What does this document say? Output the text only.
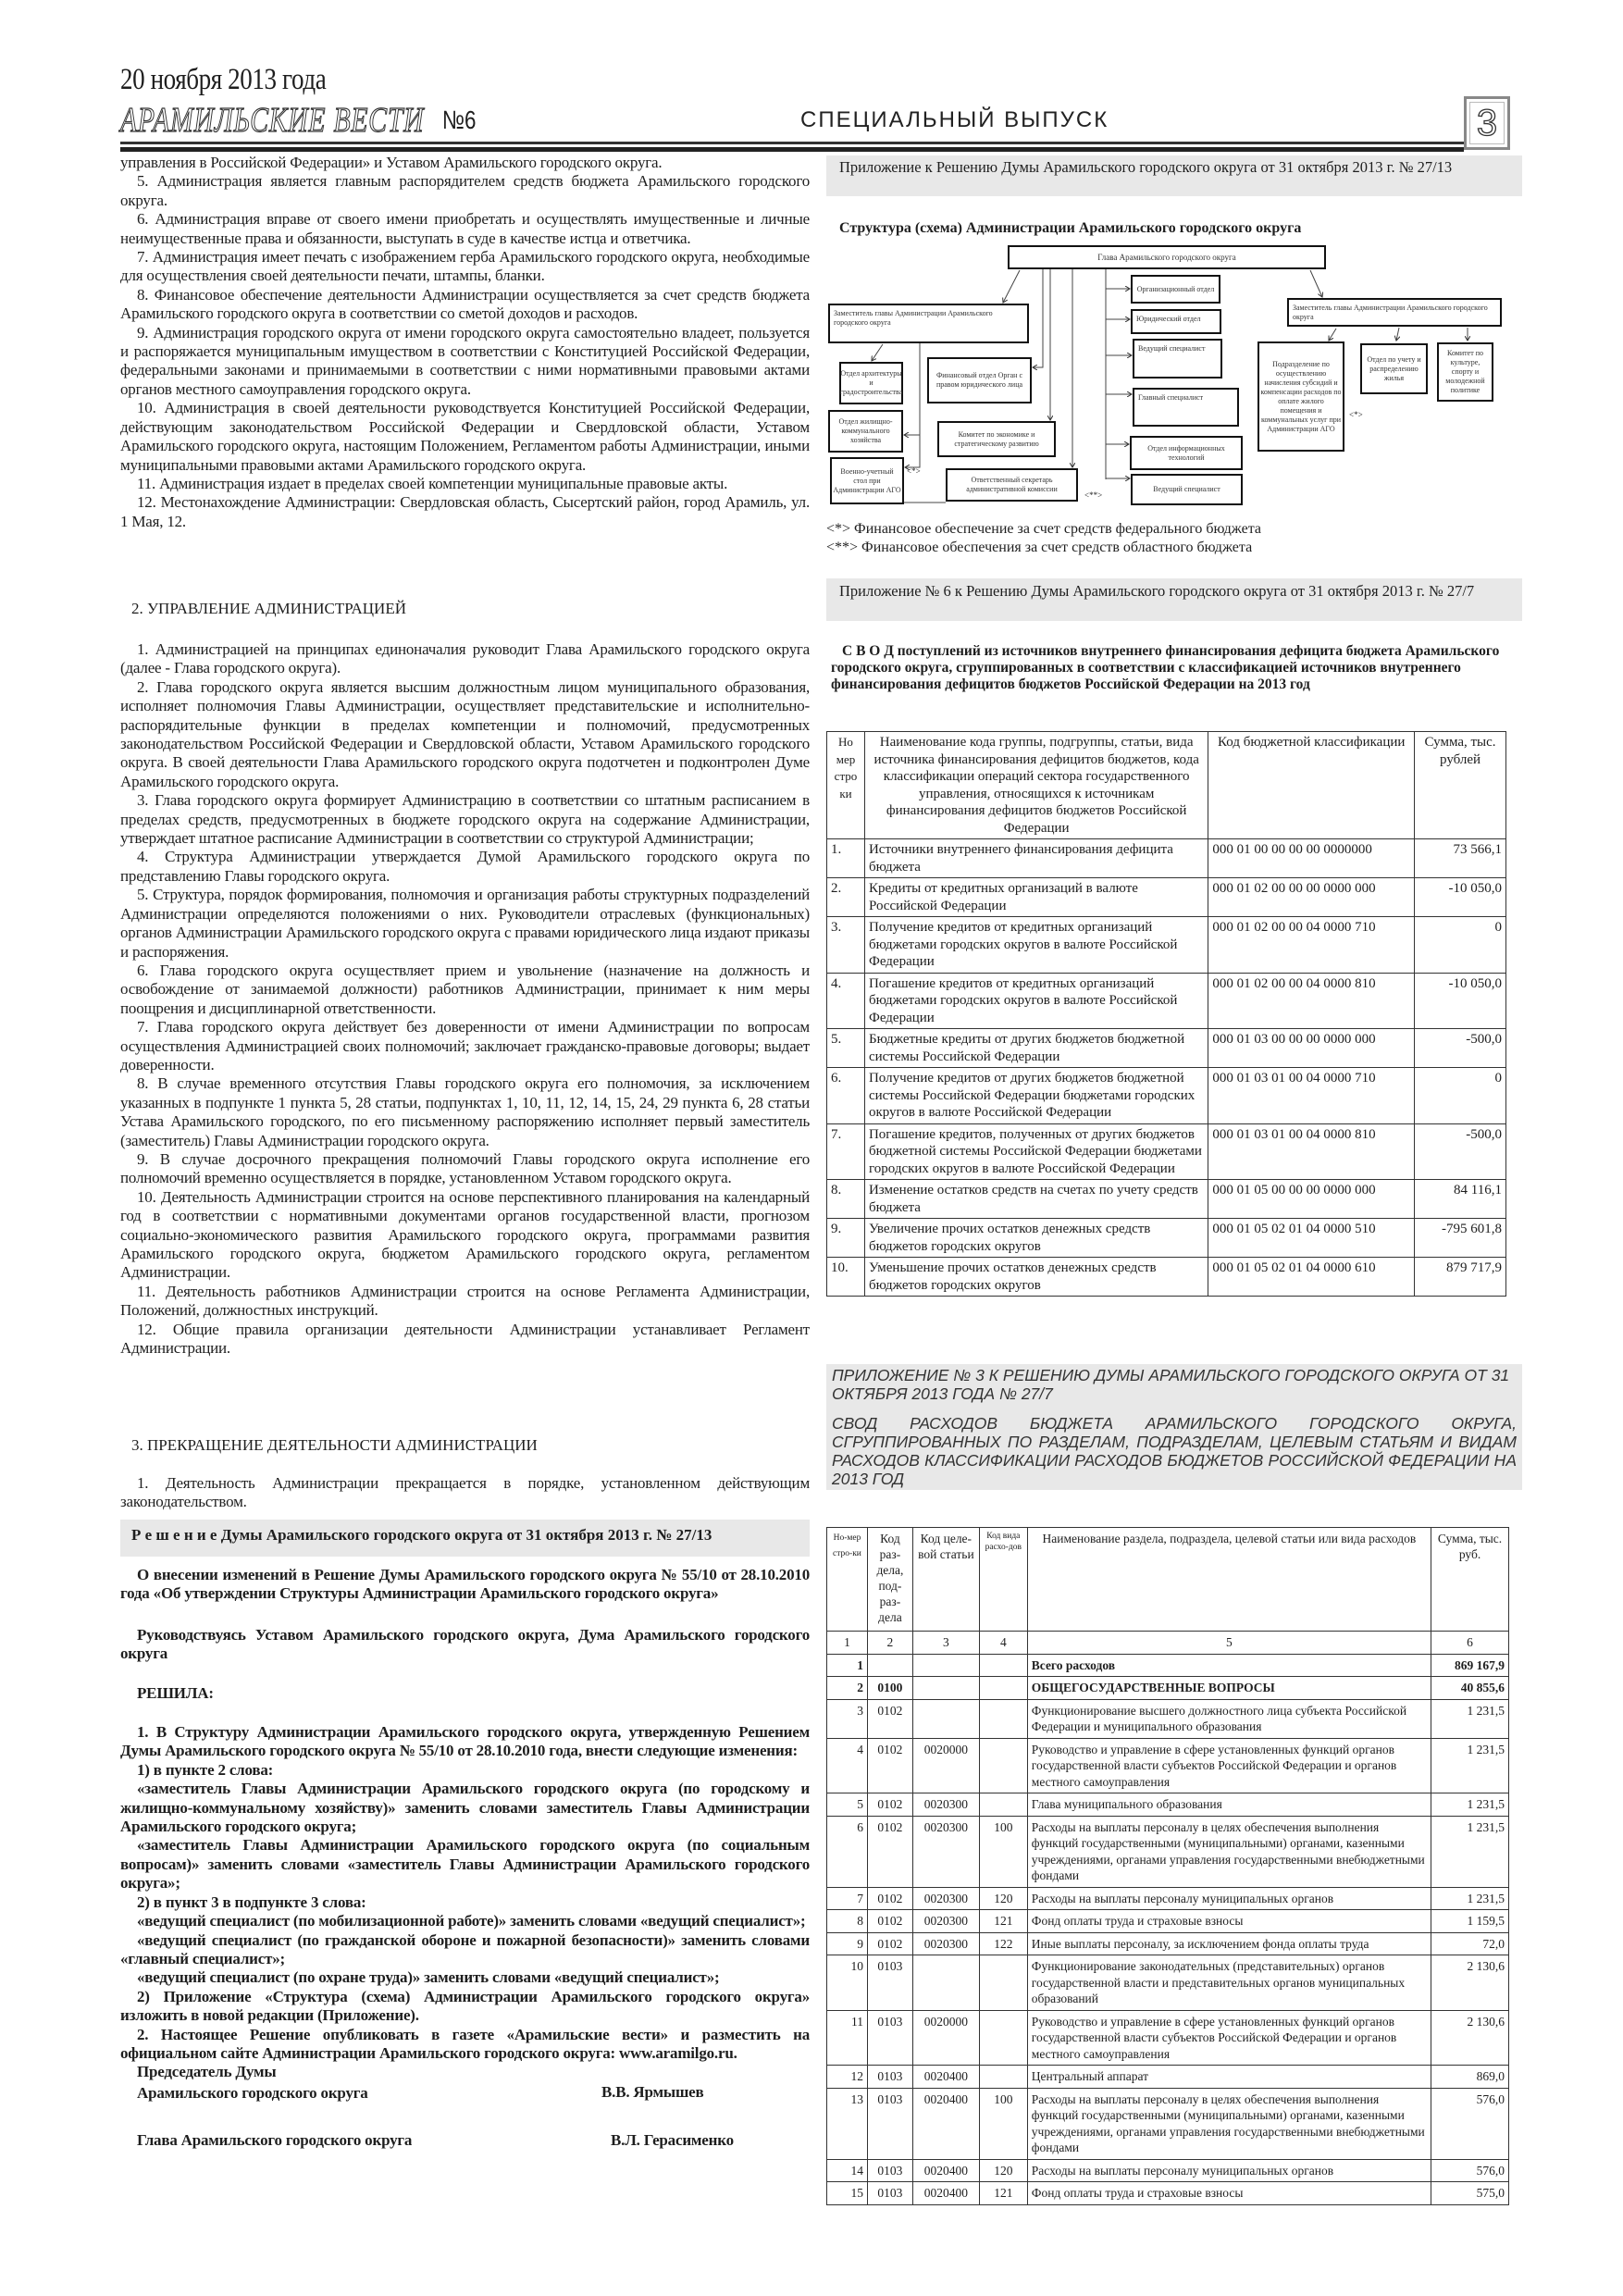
20 ноября 2013 года
АРАМИЛЬСКИЕ ВЕСТИ №6	СПЕЦИАЛЬНЫЙ ВЫПУСК	3

управления в Российской Федерации» и Уставом Арамильского городского округа.

5. Администрация является главным распорядителем средств бюджета Арамильского городского округа.

6. Администрация вправе от своего имени приобретать и осуществлять имущественные и личные неимущественные права и обязанности, выступать в суде в качестве истца и ответчика.

7. Администрация имеет печать с изображением герба Арамильского городского округа, необходимые для осуществления своей деятельности печати, штампы, бланки.

8. Финансовое обеспечение деятельности Администрации осуществляется за счет средств бюджета Арамильского городского округа в соответствии со сметой доходов и расходов.

9. Администрация городского округа от имени городского округа самостоятельно владеет, пользуется и распоряжается муниципальным имуществом в соответствии с Конституцией Российской Федерации, федеральными законами и принимаемыми в соответствии с ними нормативными правовыми актами органов местного самоуправления городского округа.

10. Администрация в своей деятельности руководствуется Конституцией Российской Федерации, действующим законодательством Российской Федерации и Свердловской области, Уставом Арамильского городского округа, настоящим Положением, Регламентом работы Администрации, иными муниципальными правовыми актами Арамильского городского округа.

11. Администрация издает в пределах своей компетенции муниципальные правовые акты.

12. Местонахождение Администрации: Свердловская область, Сысертский район, город Арамиль, ул. 1 Мая, 12.

2. УПРАВЛЕНИЕ АДМИНИСТРАЦИЕЙ

1. Администрацией на принципах единоначалия руководит Глава Арамильского городского округа (далее - Глава городского округа).

2. Глава городского округа является высшим должностным лицом муниципального образования, исполняет полномочия Главы Администрации, осуществляет представительские и исполнительно-распорядительные функции в пределах компетенции и полномочий, предусмотренных законодательством Российской Федерации и Свердловской области, Уставом Арамильского городского округа. В своей деятельности Глава Арамильского городского округа подотчетен и подконтролен Думе Арамильского городского округа.

3. Глава городского округа формирует Администрацию в соответствии со штатным расписанием в пределах средств, предусмотренных в бюджете городского округа на содержание Администрации, утверждает штатное расписание Администрации в соответствии со структурой Администрации;

4. Структура Администрации утверждается Думой Арамильского городского округа по представлению Главы городского округа.

5. Структура, порядок формирования, полномочия и организация работы структурных подразделений Администрации определяются положениями о них. Руководители отраслевых (функциональных) органов Администрации Арамильского городского округа с правами юридического лица издают приказы и распоряжения.

6. Глава городского округа осуществляет прием и увольнение (назначение на должность и освобождение от занимаемой должности) работников Администрации, принимает к ним меры поощрения и дисциплинарной ответственности.

7. Глава городского округа действует без доверенности от имени Администрации по вопросам осуществления Администрацией своих полномочий; заключает гражданско-правовые договоры; выдает доверенности.

8. В случае временного отсутствия Главы городского округа его полномочия, за исключением указанных в подпункте 1 пункта 5, 28 статьи, подпунктах 1, 10, 11, 12, 14, 15, 24, 29 пункта 6, 28 статьи Устава Арамильского городского, по его письменному распоряжению исполняет первый заместитель (заместитель) Главы Администрации городского округа.

9. В случае досрочного прекращения полномочий Главы городского округа исполнение его полномочий временно осуществляется в порядке, установленном Уставом городского округа.

10. Деятельность Администрации строится на основе перспективного планирования на календарный год в соответствии с нормативными документами органов государственной власти, прогнозом социально-экономического развития Арамильского городского округа, программами развития Арамильского городского округа, бюджетом Арамильского городского округа, регламентом Администрации.

11. Деятельность работников Администрации строится на основе Регламента Администрации, Положений, должностных инструкций.

12. Общие правила организации деятельности Администрации устанавливает Регламент Администрации.

3. ПРЕКРАЩЕНИЕ ДЕЯТЕЛЬНОСТИ АДМИНИСТРАЦИИ

1. Деятельность Администрации прекращается в порядке, установленном действующим законодательством.

Р е ш е н и е Думы Арамильского городского округа от 31 октября 2013 г. № 27/13

О внесении изменений в Решение Думы Арамильского городского округа № 55/10 от 28.10.2010 года «Об утверждении Структуры Администрации Арамильского городского округа»

Руководствуясь Уставом Арамильского городского округа, Дума Арамильского городского округа

РЕШИЛА:

1. В Структуру Администрации Арамильского городского округа, утвержденную Решением Думы Арамильского городского округа № 55/10 от 28.10.2010 года, внести следующие изменения:

1) в пункте 2 слова:

«заместитель Главы Администрации Арамильского городского округа (по городскому и жилищно-коммунальному хозяйству)» заменить словами заместитель Главы Администрации Арамильского городского округа;

«заместитель Главы Администрации Арамильского городского округа (по социальным вопросам)» заменить словами «заместитель Главы Администрации Арамильского городского округа»;

2) в пункт 3 в подпункте 3 слова:

«ведущий специалист (по мобилизационной работе)» заменить словами «ведущий специалист»;

«ведущий специалист (по гражданской обороне и пожарной безопасности)» заменить словами «главный специалист»;

«ведущий специалист (по охране труда)» заменить словами «ведущий специалист»;

2) Приложение «Структура (схема) Администрации Арамильского городского округа» изложить в новой редакции (Приложение).

2. Настоящее Решение опубликовать в газете «Арамильские вести» и разместить на официальном сайте Администрации Арамильского городского округа: www.aramilgo.ru.

Председатель Думы
Арамильского городского округа	В.В. Ярмышев
Глава Арамильского городского округа	В.Л. Герасименко
Приложение к Решению Думы Арамильского городского округа от 31 октября 2013 г. № 27/13
Структура (схема) Администрации Арамильского городского округа
Глава Арамильского городского округа
Заместитель главы Администрации Арамильского городского округа
Отдел архитектуры и градостроительства
Финансовый отдел Орган с правом юридического лица
Отдел жилищно-коммунального хозяйства
Комитет по экономике и стратегическому развитию
Военно-учетный стол при Администрации АГО
Ответственный секретарь административной комиссии
Организационный отдел
Юридический отдел
Ведущий специалист
Главный специалист
Отдел информационных технологий
Ведущий специалист
Заместитель главы Администрации Арамильского городского округа
Подразделение по осуществлению начисления субсидий и компенсации расходов по оплате жилого помещения и коммунальных услуг при Администрации АГО
Отдел по учету и распределению жилья
Комитет по культуре, спорту и молодежной политике
<*>
<**>
<*>
<*> Финансовое обеспечение за счет средств федерального бюджета
<**> Финансовое обеспечения за счет средств областного бюджета
Приложение № 6 к Решению Думы Арамильского городского округа от 31 октября 2013 г. № 27/7
С В О Д поступлений из источников внутреннего финансирования дефицита бюджета Арамильского городского округа, сгруппированных в соответствии с классификацией источников внутреннего финансирования дефицитов бюджетов Российской Федерации на 2013 год
Но мер стро ки	Наименование кода группы, подгруппы, статьи, вида источника финансирования дефицитов бюджетов, кода классификации операций сектора государственного управления, относящихся к источникам финансирования дефицитов бюджетов Российской Федерации	Код бюджетной классификации	Сумма, тыс. рублей
1.	Источники внутреннего финансирования дефицита бюджета	000 01 00 00 00 00 0000000	73 566,1
2.	Кредиты от кредитных организаций в валюте Российской Федерации	000 01 02 00 00 00 0000 000	-10 050,0
3.	Получение кредитов от кредитных организаций бюджетами городских округов в валюте Российской Федерации	000 01 02 00 00 04 0000 710	0
4.	Погашение кредитов от кредитных организаций бюджетами городских округов в валюте Российской Федерации	000 01 02 00 00 04 0000 810	-10 050,0
5.	Бюджетные кредиты от других бюджетов бюджетной системы Российской Федерации	000 01 03 00 00 00 0000 000	-500,0
6.	Получение кредитов от других бюджетов бюджетной системы Российской Федерации бюджетами городских округов в валюте Российской Федерации	000 01 03 01 00 04 0000 710	0
7.	Погашение кредитов, полученных от других бюджетов бюджетной системы Российской Федерации бюджетами городских округов в валюте Российской Федерации	000 01 03 01 00 04 0000 810	-500,0
8.	Изменение остатков средств на счетах по учету средств бюджета	000 01 05 00 00 00 0000 000	84 116,1
9.	Увеличение прочих остатков денежных средств бюджетов городских округов	000 01 05 02 01 04 0000 510	-795 601,8
10.	Уменьшение прочих остатков денежных средств бюджетов городских округов	000 01 05 02 01 04 0000 610	879 717,9
ПРИЛОЖЕНИЕ № 3 К РЕШЕНИЮ ДУМЫ АРАМИЛЬСКОГО ГОРОДСКОГО ОКРУГА ОТ 31 ОКТЯБРЯ 2013 ГОДА № 27/7
СВОД РАСХОДОВ БЮДЖЕТА АРАМИЛЬСКОГО ГОРОДСКОГО ОКРУГА, СГРУППИРОВАННЫХ ПО РАЗДЕЛАМ, ПОДРАЗДЕЛАМ, ЦЕЛЕВЫМ СТАТЬЯМ И ВИДАМ РАСХОДОВ КЛАССИФИКАЦИИ РАСХОДОВ БЮДЖЕТОВ РОССИЙСКОЙ ФЕДЕРАЦИИ НА 2013 ГОД
Но-мер стро-ки	Код раз-дела, под-раз-дела	Код целе-вой статьи	Код вида расхо-дов	Наименование раздела, подраздела, целевой статьи или вида расходов	Сумма, тыс. руб.
1	2	3	4	5	6
1				Всего расходов	869 167,9
2	0100			ОБЩЕГОСУДАРСТВЕННЫЕ ВОПРОСЫ	40 855,6
3	0102			Функционирование высшего должностного лица субъекта Российской Федерации и муниципального образования	1 231,5
4	0102	0020000		Руководство и управление в сфере установленных функций органов государственной власти субъектов Российской Федерации и органов местного самоуправления	1 231,5
5	0102	0020300		Глава муниципального образования	1 231,5
6	0102	0020300	100	Расходы на выплаты персоналу в целях обеспечения выполнения функций государственными (муниципальными) органами, казенными учреждениями, органами управления государственными внебюджетными фондами	1 231,5
7	0102	0020300	120	Расходы на выплаты персоналу муниципальных органов	1 231,5
8	0102	0020300	121	Фонд оплаты труда и страховые взносы	1 159,5
9	0102	0020300	122	Иные выплаты персоналу, за исключением фонда оплаты труда	72,0
10	0103			Функционирование законодательных (представительных) органов государственной власти и представительных органов муниципальных образований	2 130,6
11	0103	0020000		Руководство и управление в сфере установленных функций органов государственной власти субъектов Российской Федерации и органов местного самоуправления	2 130,6
12	0103	0020400		Центральный аппарат	869,0
13	0103	0020400	100	Расходы на выплаты персоналу в целях обеспечения выполнения функций государственными (муниципальными) органами, казенными учреждениями, органами управления государственными внебюджетными фондами	576,0
14	0103	0020400	120	Расходы на выплаты персоналу муниципальных органов	576,0
15	0103	0020400	121	Фонд оплаты труда и страховые взносы	575,0
